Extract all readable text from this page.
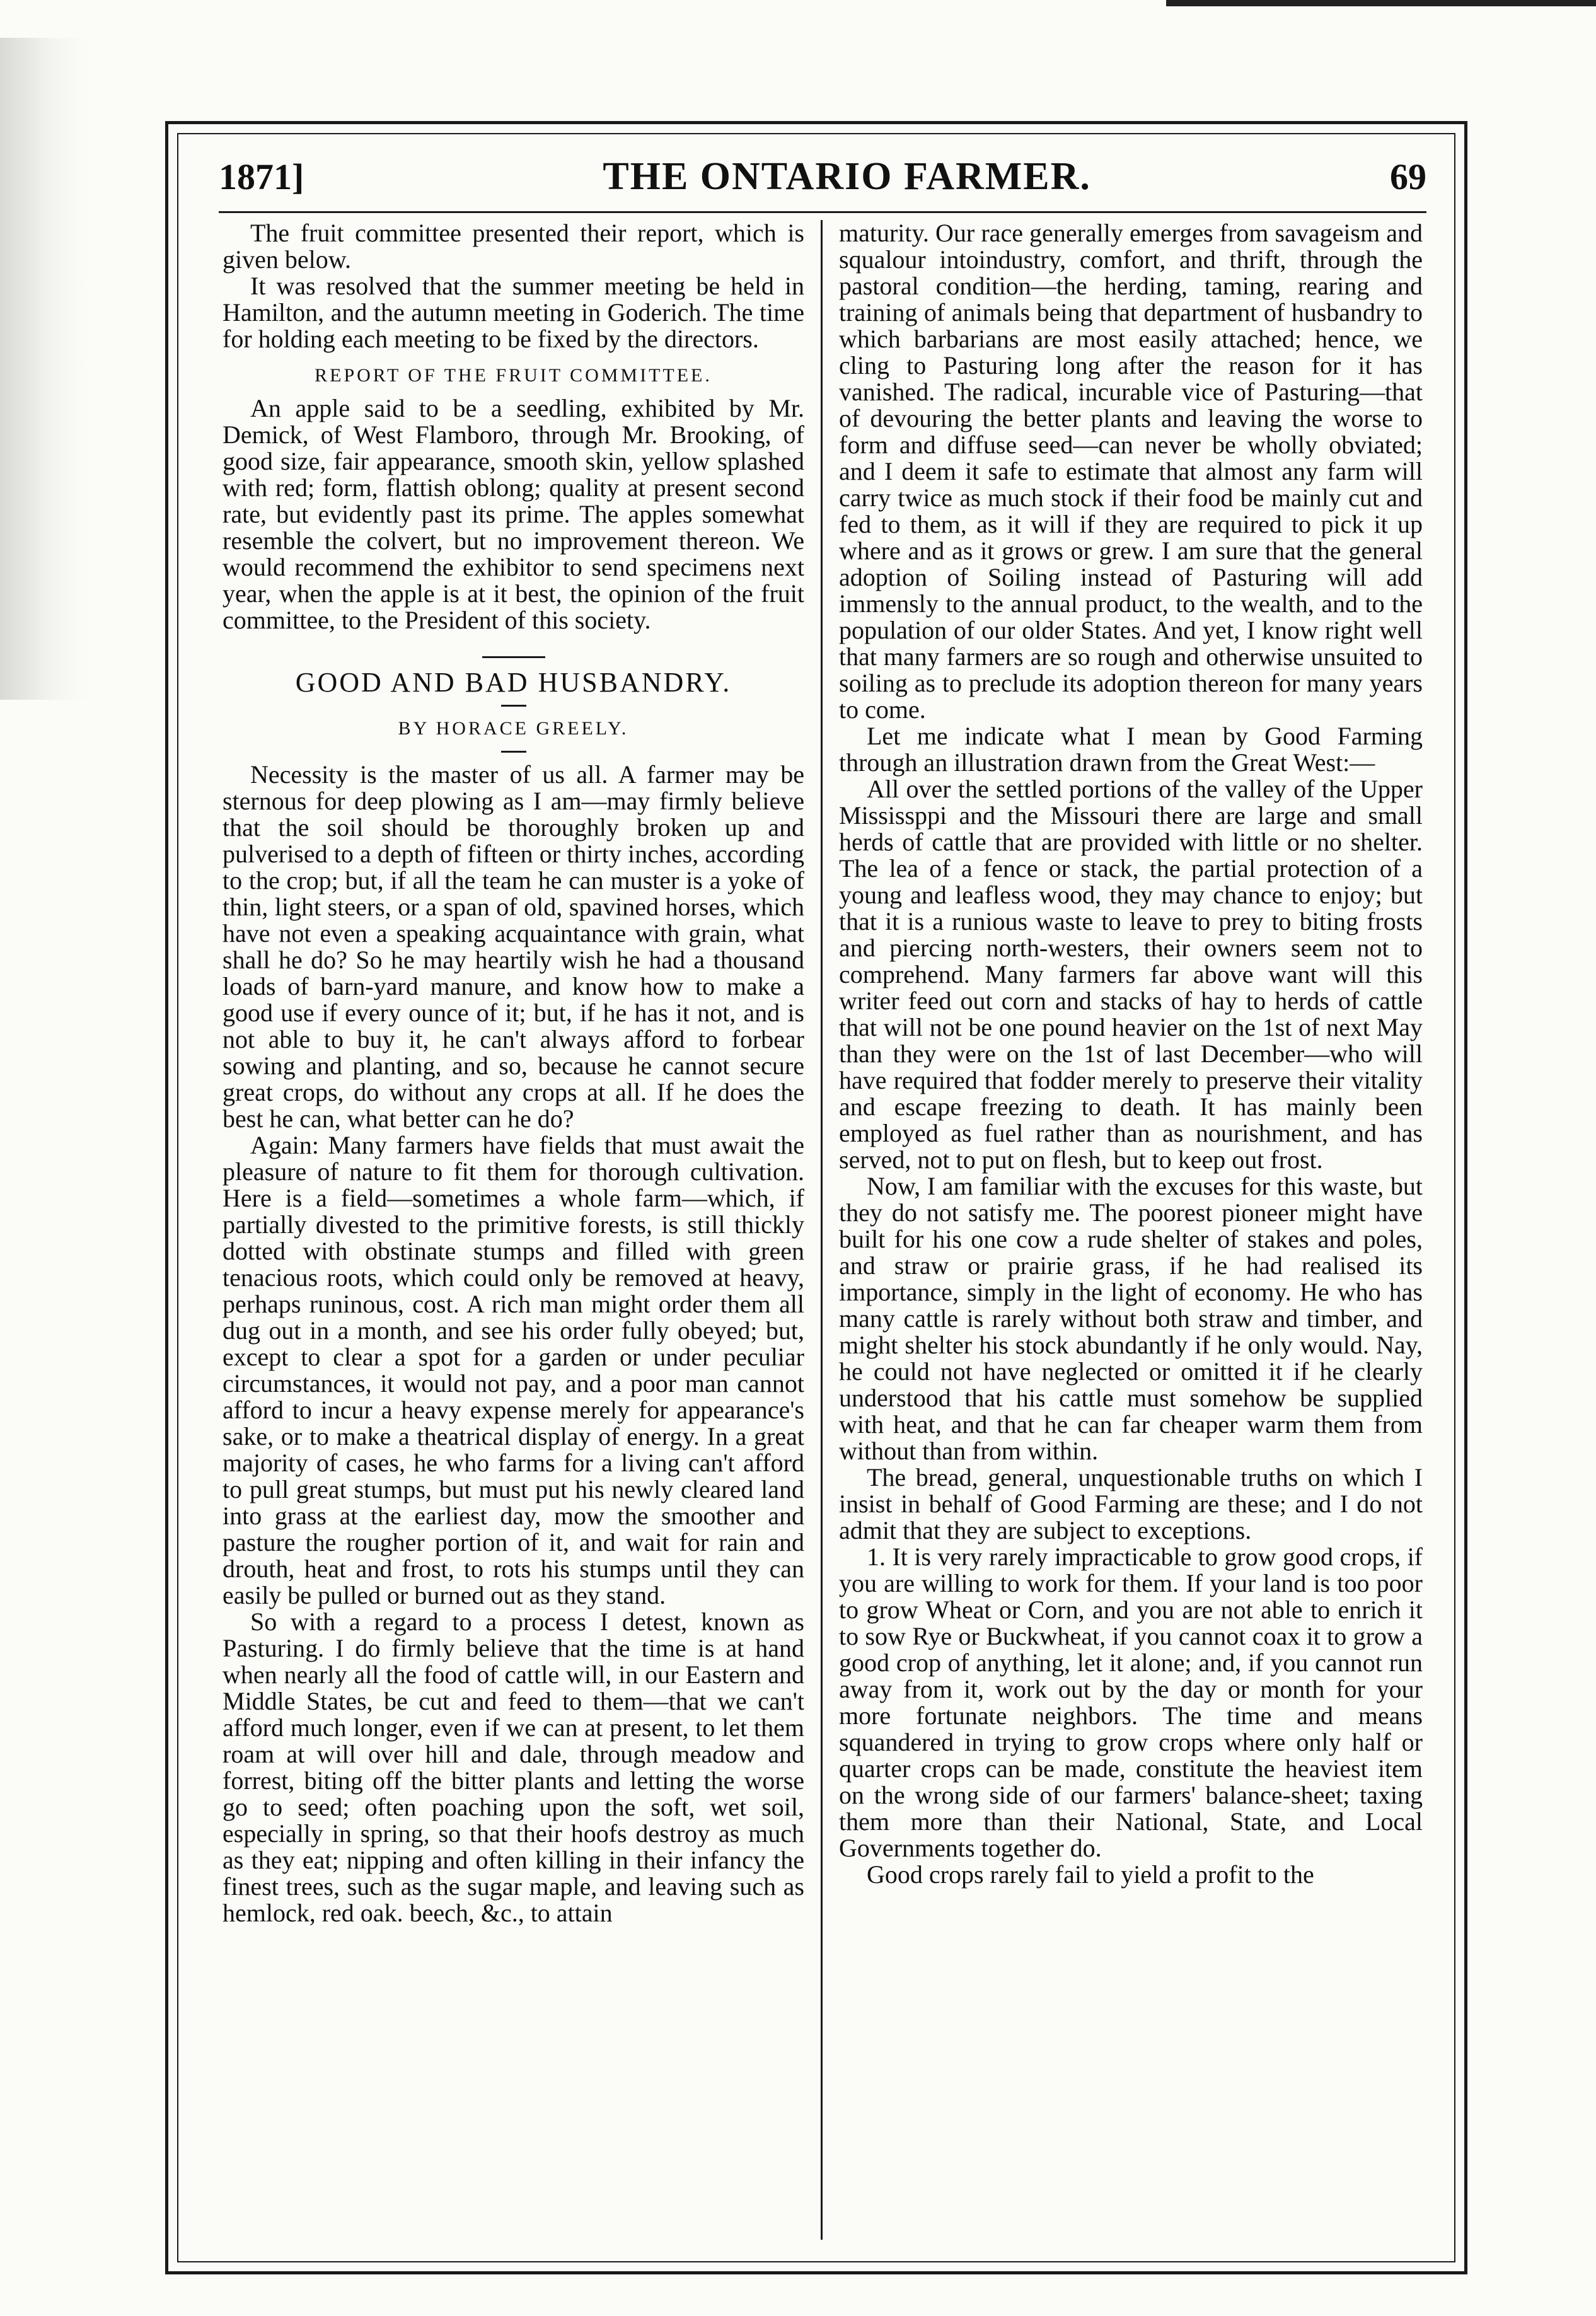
1871]	THE ONTARIO FARMER.	69

The fruit committee presented their report, which is given below.

It was resolved that the summer meeting be held in Hamilton, and the autumn meeting in Goderich. The time for holding each meeting to be fixed by the directors.

REPORT OF THE FRUIT COMMITTEE.

An apple said to be a seedling, exhibited by Mr. Demick, of West Flamboro, through Mr. Brooking, of good size, fair appearance, smooth skin, yellow splashed with red; form, flattish oblong; quality at present second rate, but evidently past its prime. The apples somewhat resemble the colvert, but no improvement thereon. We would recommend the exhibitor to send specimens next year, when the apple is at it best, the opinion of the fruit committee, to the President of this society.

GOOD AND BAD HUSBANDRY.
BY HORACE GREELY.

Necessity is the master of us all. A farmer may be sternous for deep plowing as I am—may firmly believe that the soil should be thoroughly broken up and pulverised to a depth of fifteen or thirty inches, according to the crop; but, if all the team he can muster is a yoke of thin, light steers, or a span of old, spavined horses, which have not even a speaking acquaintance with grain, what shall he do? So he may heartily wish he had a thousand loads of barn-yard manure, and know how to make a good use if every ounce of it; but, if he has it not, and is not able to buy it, he can't always afford to forbear sowing and planting, and so, because he cannot secure great crops, do without any crops at all. If he does the best he can, what better can he do?

Again: Many farmers have fields that must await the pleasure of nature to fit them for thorough cultivation. Here is a field—sometimes a whole farm—which, if partially divested to the primitive forests, is still thickly dotted with obstinate stumps and filled with green tenacious roots, which could only be removed at heavy, perhaps runinous, cost. A rich man might order them all dug out in a month, and see his order fully obeyed; but, except to clear a spot for a garden or under peculiar circumstances, it would not pay, and a poor man cannot afford to incur a heavy expense merely for appearance's sake, or to make a theatrical display of energy. In a great majority of cases, he who farms for a living can't afford to pull great stumps, but must put his newly cleared land into grass at the earliest day, mow the smoother and pasture the rougher portion of it, and wait for rain and drouth, heat and frost, to rots his stumps until they can easily be pulled or burned out as they stand.

So with a regard to a process I detest, known as Pasturing. I do firmly believe that the time is at hand when nearly all the food of cattle will, in our Eastern and Middle States, be cut and feed to them—that we can't afford much longer, even if we can at present, to let them roam at will over hill and dale, through meadow and forrest, biting off the bitter plants and letting the worse go to seed; often poaching upon the soft, wet soil, especially in spring, so that their hoofs destroy as much as they eat; nipping and often killing in their infancy the finest trees, such as the sugar maple, and leaving such as hemlock, red oak. beech, &c., to attain

maturity. Our race generally emerges from savageism and squalour intoindustry, comfort, and thrift, through the pastoral condition—the herding, taming, rearing and training of animals being that department of husbandry to which barbarians are most easily attached; hence, we cling to Pasturing long after the reason for it has vanished. The radical, incurable vice of Pasturing—that of devouring the better plants and leaving the worse to form and diffuse seed—can never be wholly obviated; and I deem it safe to estimate that almost any farm will carry twice as much stock if their food be mainly cut and fed to them, as it will if they are required to pick it up where and as it grows or grew. I am sure that the general adoption of Soiling instead of Pasturing will add immensly to the annual product, to the wealth, and to the population of our older States. And yet, I know right well that many farmers are so rough and otherwise unsuited to soiling as to preclude its adoption thereon for many years to come.

Let me indicate what I mean by Good Farming through an illustration drawn from the Great West:—

All over the settled portions of the valley of the Upper Mississppi and the Missouri there are large and small herds of cattle that are provided with little or no shelter. The lea of a fence or stack, the partial protection of a young and leafless wood, they may chance to enjoy; but that it is a runious waste to leave to prey to biting frosts and piercing north-westers, their owners seem not to comprehend. Many farmers far above want will this writer feed out corn and stacks of hay to herds of cattle that will not be one pound heavier on the 1st of next May than they were on the 1st of last December—who will have required that fodder merely to preserve their vitality and escape freezing to death. It has mainly been employed as fuel rather than as nourishment, and has served, not to put on flesh, but to keep out frost.

Now, I am familiar with the excuses for this waste, but they do not satisfy me. The poorest pioneer might have built for his one cow a rude shelter of stakes and poles, and straw or prairie grass, if he had realised its importance, simply in the light of economy. He who has many cattle is rarely without both straw and timber, and might shelter his stock abundantly if he only would. Nay, he could not have neglected or omitted it if he clearly understood that his cattle must somehow be supplied with heat, and that he can far cheaper warm them from without than from within.

The bread, general, unquestionable truths on which I insist in behalf of Good Farming are these; and I do not admit that they are subject to exceptions.

1. It is very rarely impracticable to grow good crops, if you are willing to work for them. If your land is too poor to grow Wheat or Corn, and you are not able to enrich it to sow Rye or Buckwheat, if you cannot coax it to grow a good crop of anything, let it alone; and, if you cannot run away from it, work out by the day or month for your more fortunate neighbors. The time and means squandered in trying to grow crops where only half or quarter crops can be made, constitute the heaviest item on the wrong side of our farmers' balance-sheet; taxing them more than their National, State, and Local Governments together do.

Good crops rarely fail to yield a profit to the
